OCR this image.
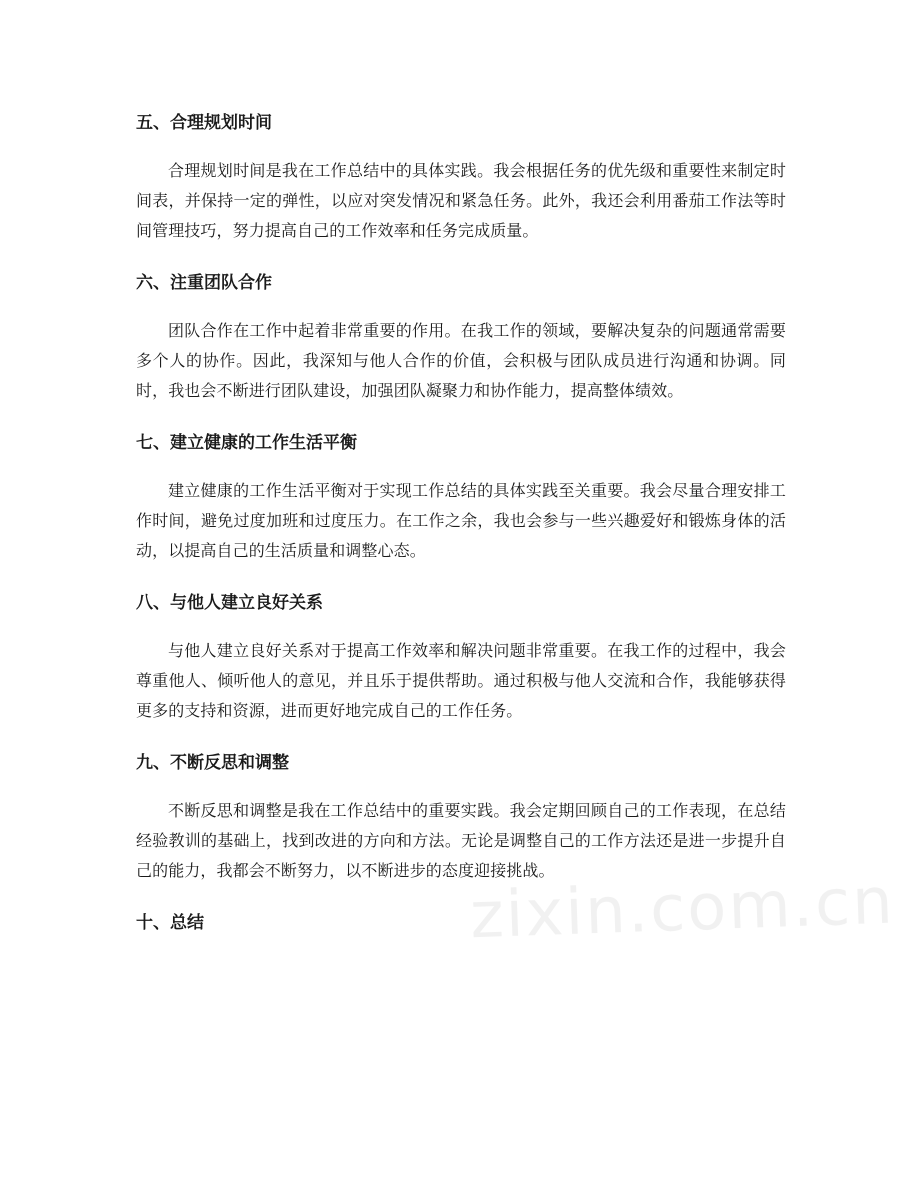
五、合理规划时间

合理规划时间是我在工作总结中的具体实践。我会根据任务的优先级和重要性来制定时间表，并保持一定的弹性，以应对突发情况和紧急任务。此外，我还会利用番茄工作法等时间管理技巧，努力提高自己的工作效率和任务完成质量。

六、注重团队合作

团队合作在工作中起着非常重要的作用。在我工作的领域，要解决复杂的问题通常需要多个人的协作。因此，我深知与他人合作的价值，会积极与团队成员进行沟通和协调。同时，我也会不断进行团队建设，加强团队凝聚力和协作能力，提高整体绩效。

七、建立健康的工作生活平衡

建立健康的工作生活平衡对于实现工作总结的具体实践至关重要。我会尽量合理安排工作时间，避免过度加班和过度压力。在工作之余，我也会参与一些兴趣爱好和锻炼身体的活动，以提高自己的生活质量和调整心态。

八、与他人建立良好关系

与他人建立良好关系对于提高工作效率和解决问题非常重要。在我工作的过程中，我会尊重他人、倾听他人的意见，并且乐于提供帮助。通过积极与他人交流和合作，我能够获得更多的支持和资源，进而更好地完成自己的工作任务。

九、不断反思和调整

不断反思和调整是我在工作总结中的重要实践。我会定期回顾自己的工作表现，在总结经验教训的基础上，找到改进的方向和方法。无论是调整自己的工作方法还是进一步提升自己的能力，我都会不断努力，以不断进步的态度迎接挑战。

十、总结	zixin.com.cn
